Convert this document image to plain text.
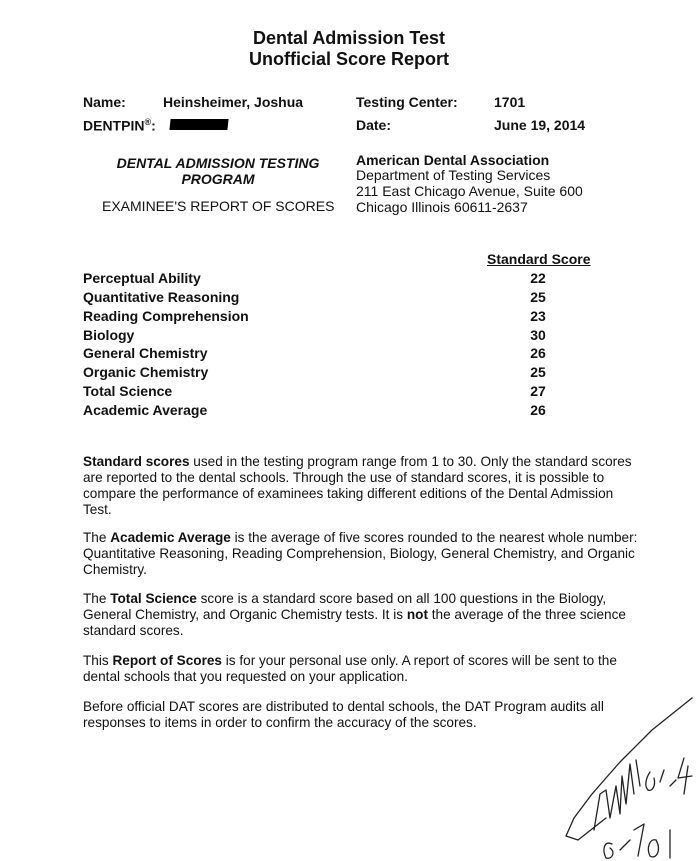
Dental Admission Test
Unofficial Score Report
Name:	Heinsheimer, Joshua
DENTPIN®:
Testing Center:	1701
Date:	June 19, 2014
DENTAL ADMISSION TESTING
PROGRAM
EXAMINEE'S REPORT OF SCORES
American Dental Association
Department of Testing Services
211 East Chicago Avenue, Suite 600
Chicago Illinois 60611-2637
Standard Score
Perceptual Ability	22
Quantitative Reasoning	25
Reading Comprehension	23
Biology	30
General Chemistry	26
Organic Chemistry	25
Total Science	27
Academic Average	26
Standard scores used in the testing program range from 1 to 30. Only the standard scores are reported to the dental schools. Through the use of standard scores, it is possible to compare the performance of examinees taking different editions of the Dental Admission Test.
The Academic Average is the average of five scores rounded to the nearest whole number: Quantitative Reasoning, Reading Comprehension, Biology, General Chemistry, and Organic Chemistry.
The Total Science score is a standard score based on all 100 questions in the Biology, General Chemistry, and Organic Chemistry tests. It is not the average of the three science standard scores.
This Report of Scores is for your personal use only. A report of scores will be sent to the dental schools that you requested on your application.
Before official DAT scores are distributed to dental schools, the DAT Program audits all responses to items in order to confirm the accuracy of the scores.
